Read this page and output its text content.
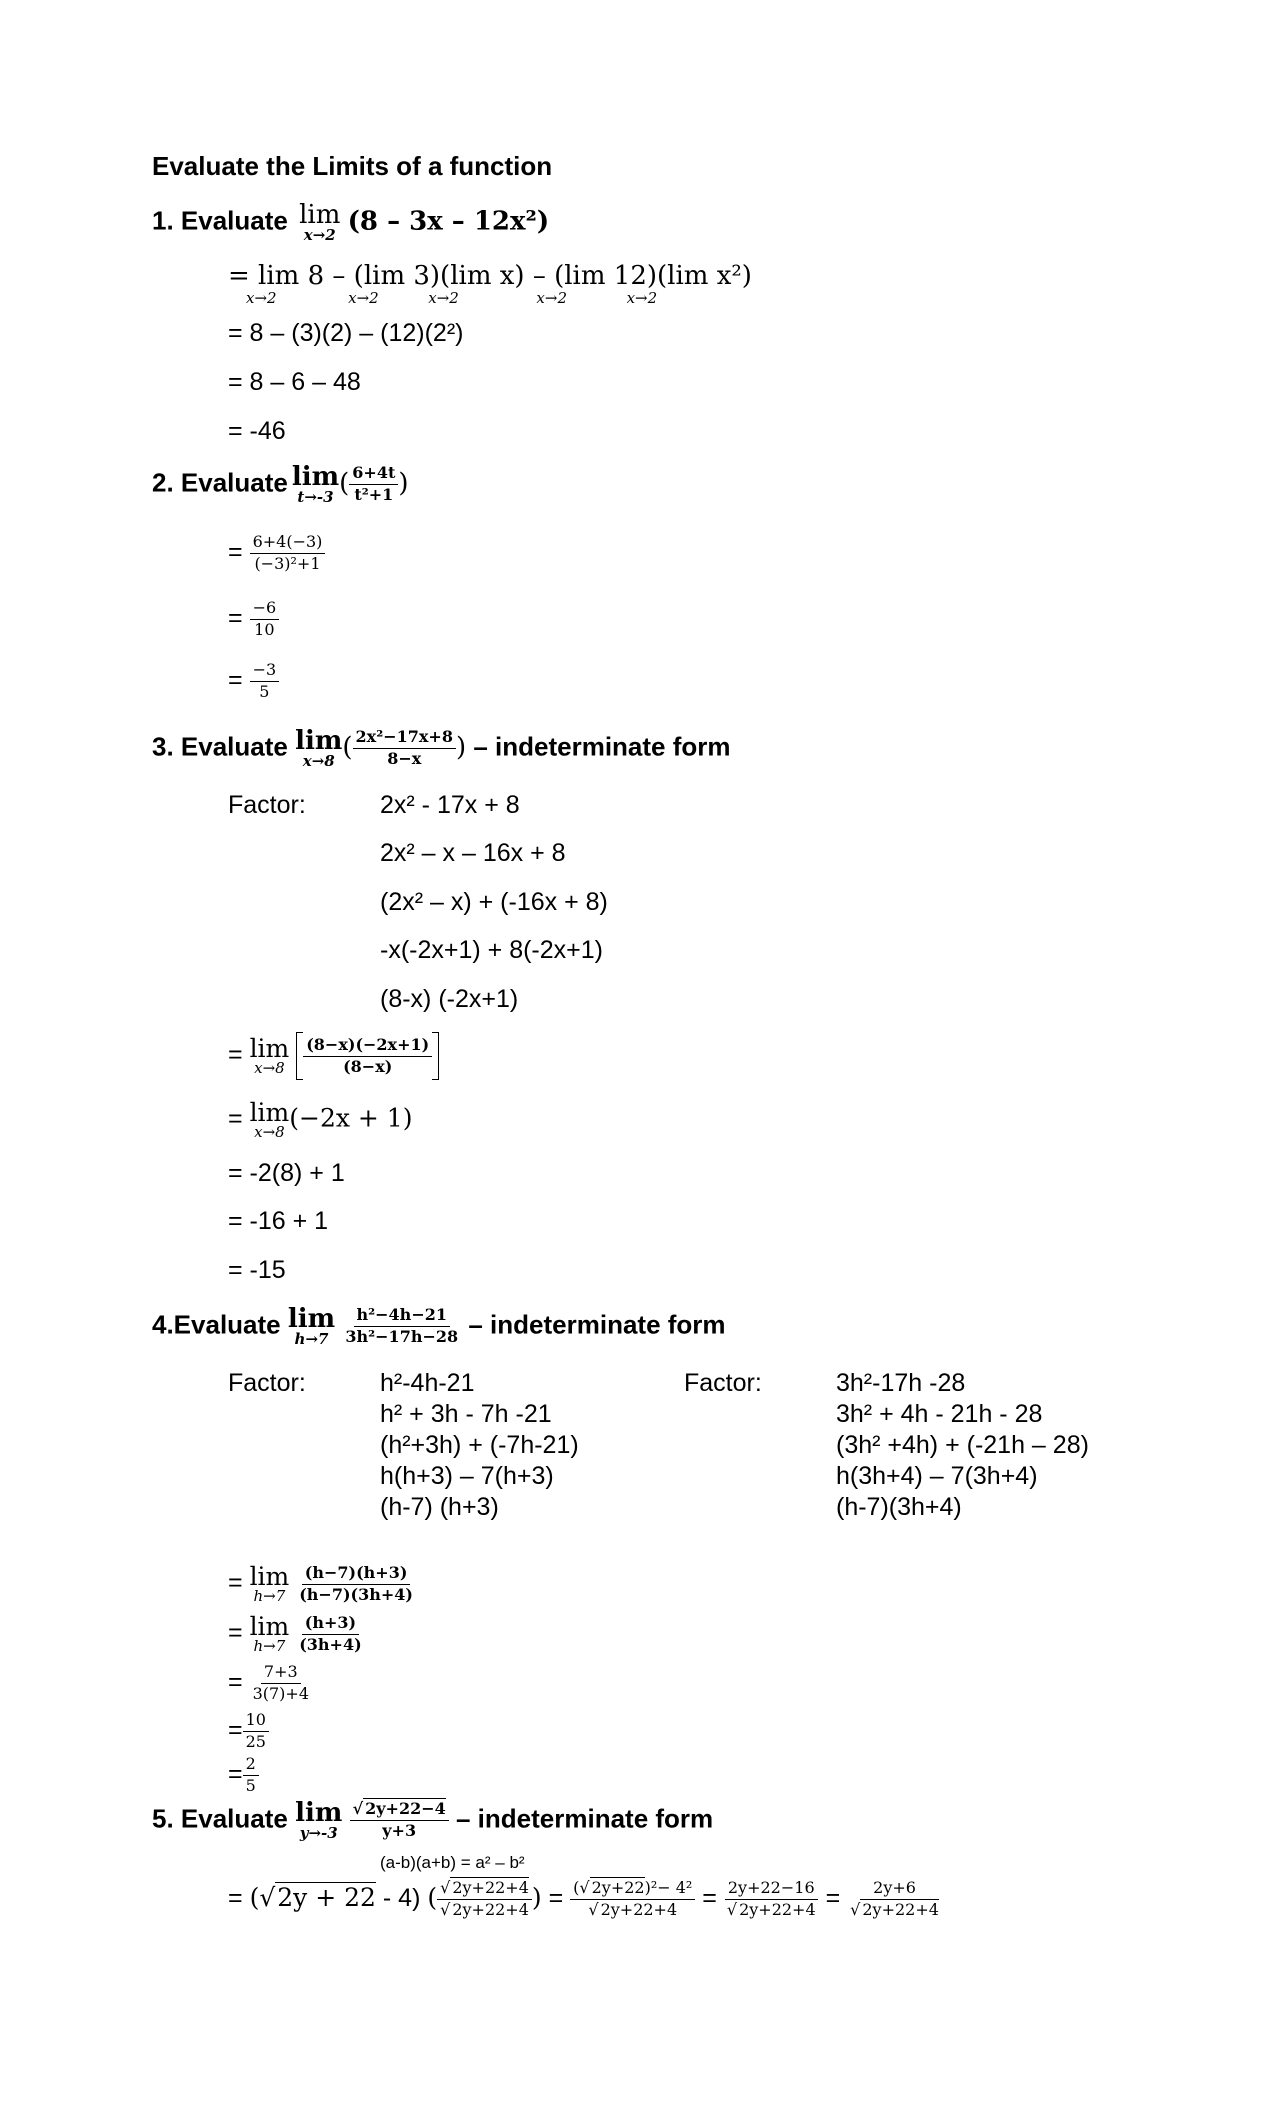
Evaluate the Limits of a function
1. Evaluate lim
x→2 (8 – 3x – 12x²)
= lim 8 – (lim 3)(lim x) – (lim 12)(lim x²)
x→2	x→2	x→2	x→2	x→2
= 8 – (3)(2) – (12)(2²)
= 8 – 6 – 48
= -46
2. Evaluate lim
t→-3 ( $\frac{6+4t}{\text{t²+1}}$ )
= $\frac{6+4(-3)}{\text{(−3)²+1}}$
= $\frac{-6}{10}$
= $\frac{-3}{5}$
3. Evaluate lim
x→8 ( $\frac{\text{2x²−17x+8}}{8-x}$ ) – indeterminate form
Factor:	2x² - 17x + 8
2x² – x – 16x + 8
(2x² – x) + (-16x + 8)
-x(-2x+1) + 8(-2x+1)
(8-x) (-2x+1)
= lim
x→8
$\frac{(8-x)(-2x+1)}{(8-x)}$
= lim
x→8 (−2x + 1)
= -2(8) + 1
= -16 + 1
= -15
4.Evaluate lim
h→7
$\frac{\text{h²−4h−21}}{\text{3h²−17h−28}}$ – indeterminate form
Factor:	h²-4h-21
h² + 3h - 7h -21
(h²+3h) + (-7h-21)
h(h+3) – 7(h+3)
(h-7) (h+3)
Factor:	3h²-17h -28
3h² + 4h - 21h - 28
(3h² +4h) + (-21h – 28)
h(3h+4) – 7(3h+4)
(h-7)(3h+4)
= lim
h→7
$\frac{(h-7)(h+3)}{(h-7)(3h+4)}$
= lim
h→7
$\frac{(h+3)}{(3h+4)}$
= $\frac{7+3}{3(7)+4}$
= $\frac{10}{25}$
= $\frac{2}{5}$
5. Evaluate lim
y→-3
$\frac{√ 2y+22-4}{y+3}$ – indeterminate form
(a-b)(a+b) = a² – b²
= (√2y + 22 - 4) ( $\frac{√ 2y+22+4}{√ 2y+22+4}$ ) = $\frac{\text{(√ 2y+22)²− 4²}}{√ 2y+22+4} = \frac{2y+22-16}{√ 2y+22+4} = \frac{2y+6}{√ 2y+22+4}$
